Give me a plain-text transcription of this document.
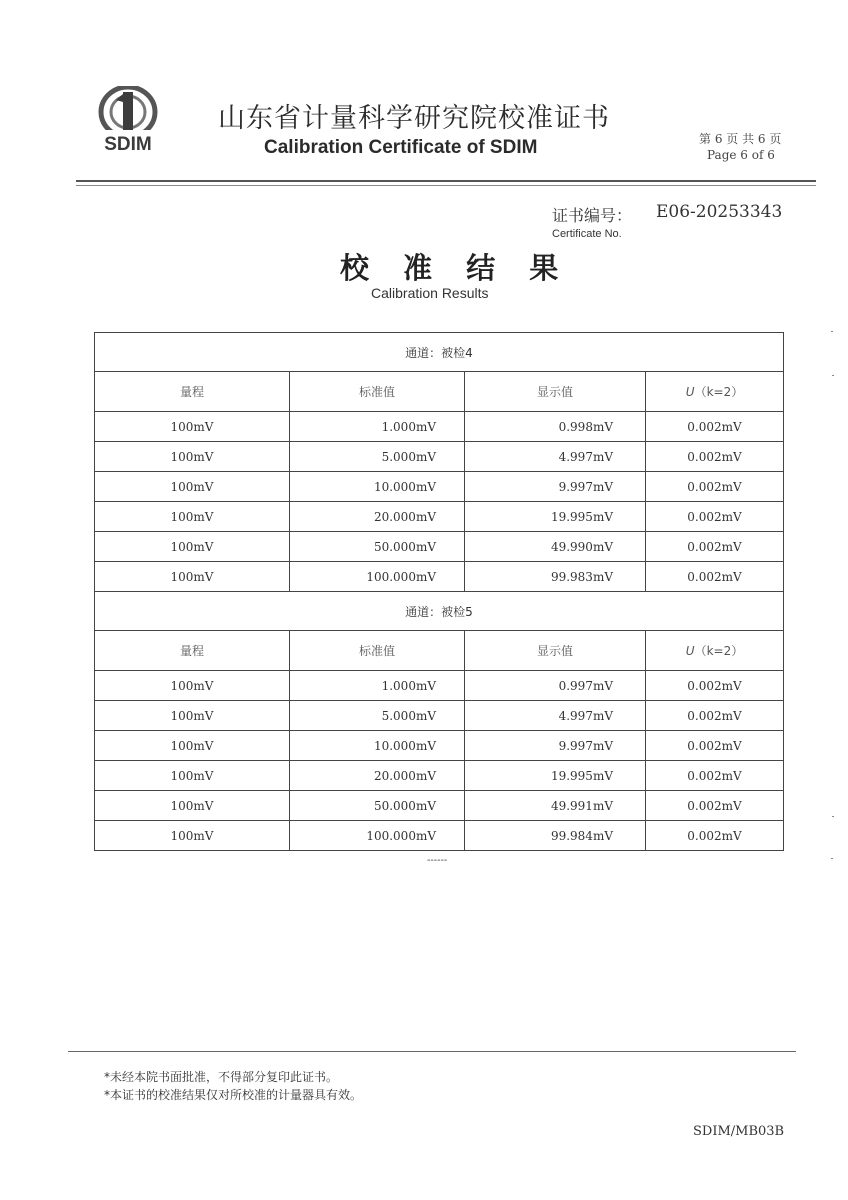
SDIM
山东省计量科学研究院校准证书
Calibration Certificate of SDIM	第 6 页 共 6 页
Page 6 of 6
证书编号： E06-20253343
Certificate No.
校 准 结 果
Calibration Results
通道：被检4			
量程	标准值	显示值	U（k=2）
100mV	1.000mV	0.998mV	0.002mV
100mV	5.000mV	4.997mV	0.002mV
100mV	10.000mV	9.997mV	0.002mV
100mV	20.000mV	19.995mV	0.002mV
100mV	50.000mV	49.990mV	0.002mV
100mV	100.000mV	99.983mV	0.002mV
通道：被检5			
量程	标准值	显示值	U（k=2）
100mV	1.000mV	0.997mV	0.002mV
100mV	5.000mV	4.997mV	0.002mV
100mV	10.000mV	9.997mV	0.002mV
100mV	20.000mV	19.995mV	0.002mV
100mV	50.000mV	49.991mV	0.002mV
100mV	100.000mV	99.984mV	0.002mV
------
*未经本院书面批准，不得部分复印此证书。
*本证书的校准结果仅对所校准的计量器具有效。
SDIM/MB03B
